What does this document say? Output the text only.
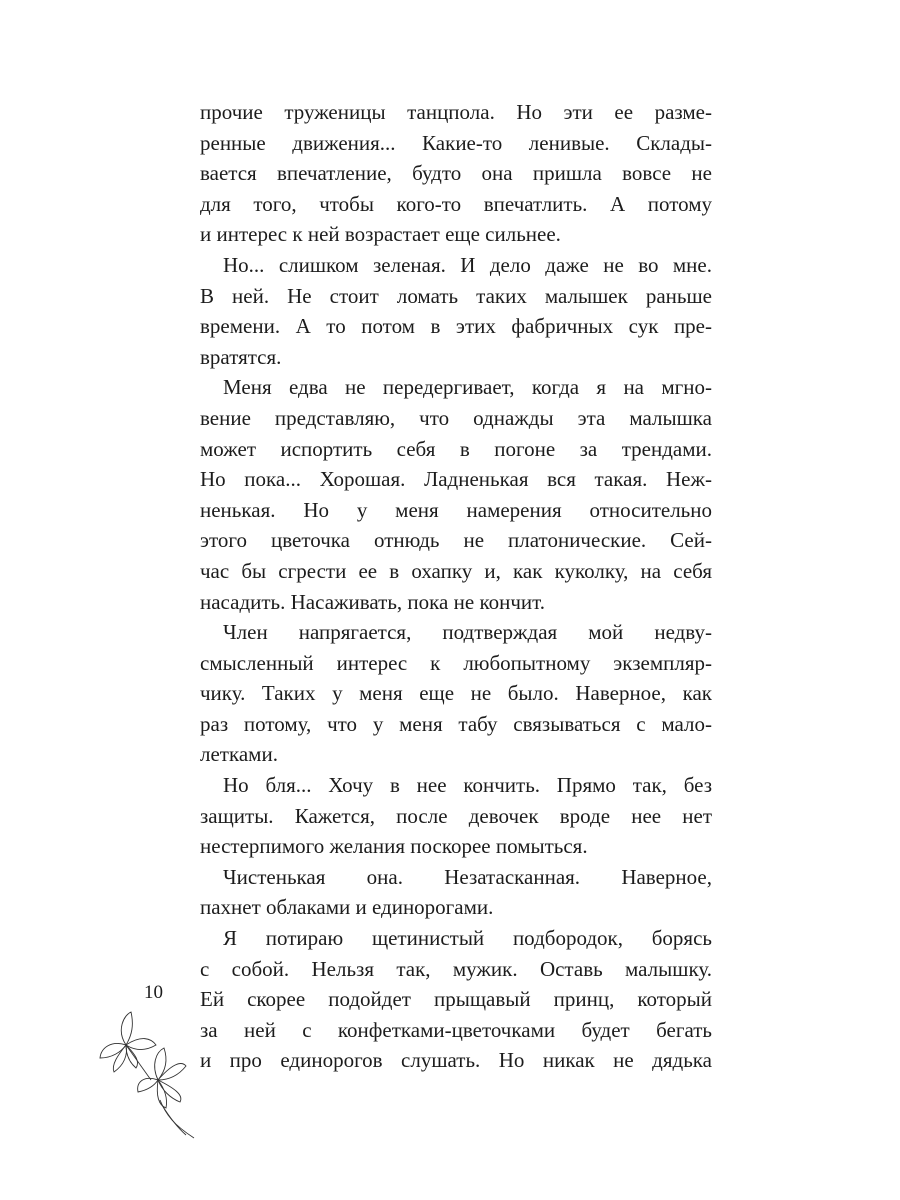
прочие труженицы танцпола. Но эти ее разме-
ренные движения... Какие-то ленивые. Склады-
вается впечатление, будто она пришла вовсе не
для того, чтобы кого-то впечатлить. А потому
и интерес к ней возрастает еще сильнее.
Но... слишком зеленая. И дело даже не во мне.
В ней. Не стоит ломать таких малышек раньше
времени. А то потом в этих фабричных сук пре-
вратятся.
Меня едва не передергивает, когда я на мгно-
вение представляю, что однажды эта малышка
может испортить себя в погоне за трендами.
Но пока... Хорошая. Ладненькая вся такая. Неж-
ненькая. Но у меня намерения относительно
этого цветочка отнюдь не платонические. Сей-
час бы сгрести ее в охапку и, как куколку, на себя
насадить. Насаживать, пока не кончит.
Член напрягается, подтверждая мой недву-
смысленный интерес к любопытному экземпляр-
чику. Таких у меня еще не было. Наверное, как
раз потому, что у меня табу связываться с мало-
летками.
Но бля... Хочу в нее кончить. Прямо так, без
защиты. Кажется, после девочек вроде нее нет
нестерпимого желания поскорее помыться.
Чистенькая она. Незатасканная. Наверное,
пахнет облаками и единорогами.
Я потираю щетинистый подбородок, борясь
с собой. Нельзя так, мужик. Оставь малышку.
Ей скорее подойдет прыщавый принц, который
за ней с конфетками-цветочками будет бегать
и про единорогов слушать. Но никак не дядька
10
